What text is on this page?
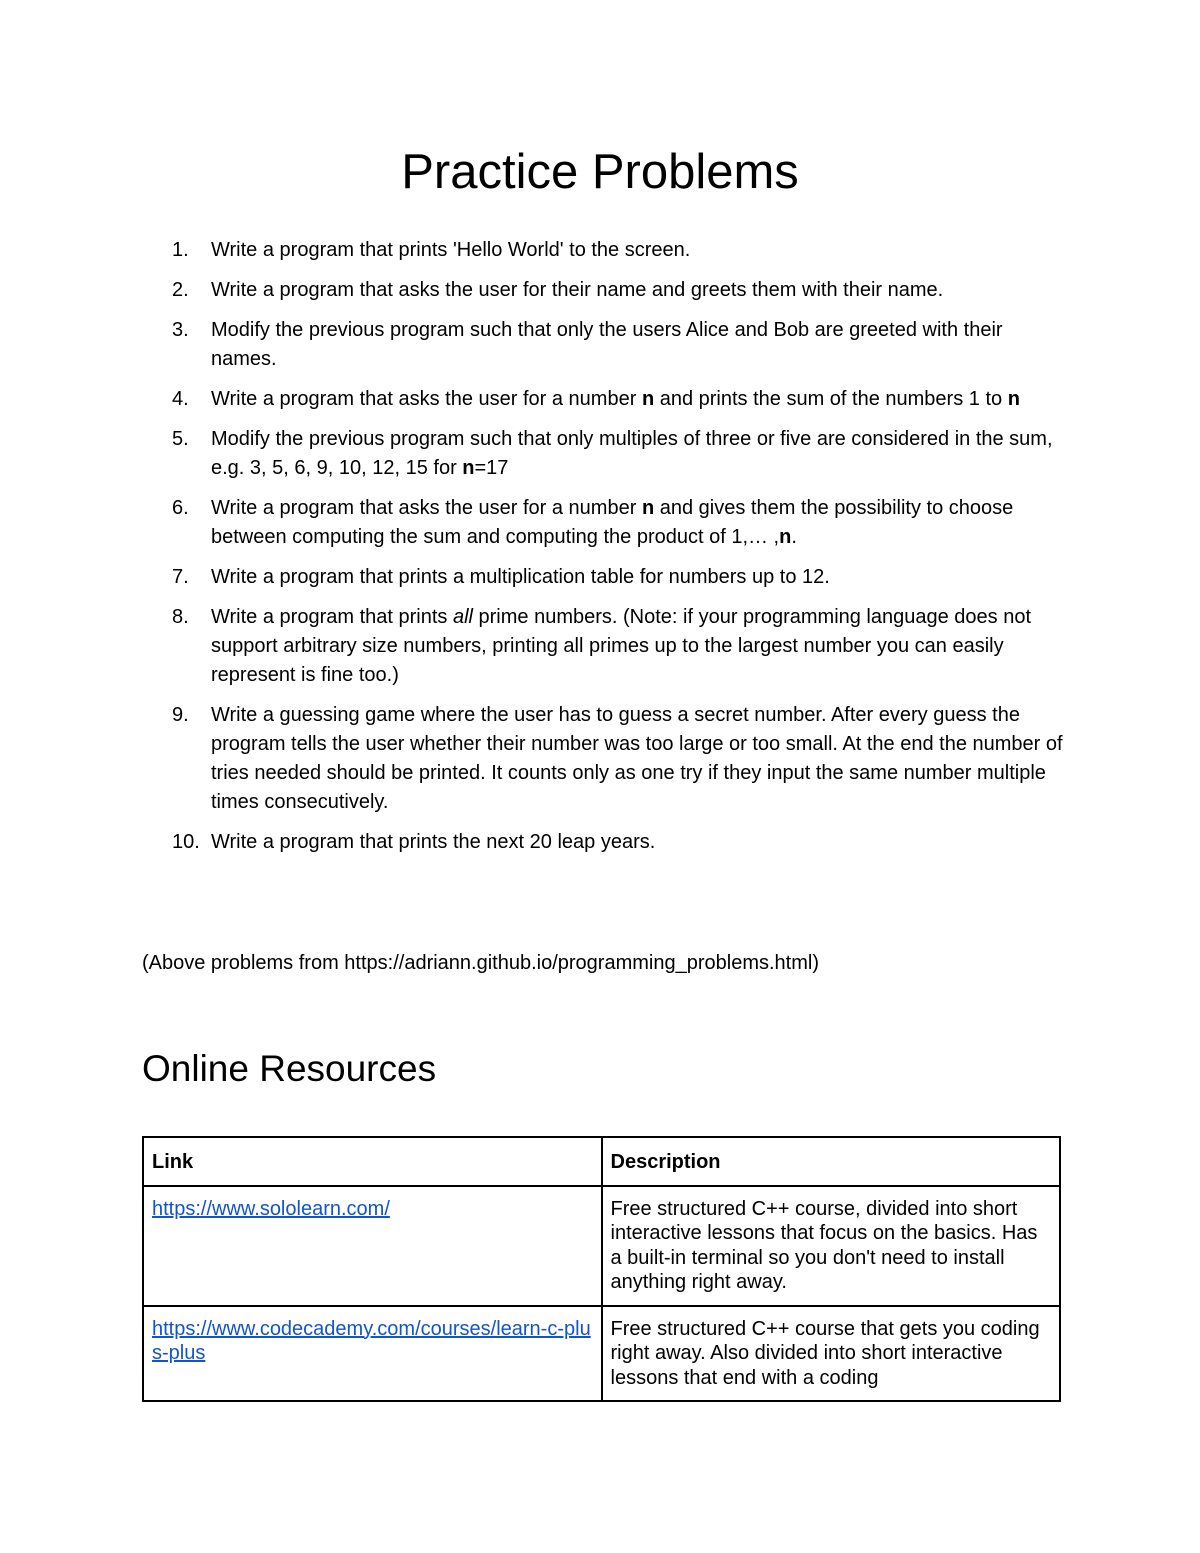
Practice Problems
1.	Write a program that prints 'Hello World' to the screen.
2.	Write a program that asks the user for their name and greets them with their name.
3.	Modify the previous program such that only the users Alice and Bob are greeted with their names.
4.	Write a program that asks the user for a number n and prints the sum of the numbers 1 to n
5.	Modify the previous program such that only multiples of three or five are considered in the sum, e.g. 3, 5, 6, 9, 10, 12, 15 for n=17
6.	Write a program that asks the user for a number n and gives them the possibility to choose between computing the sum and computing the product of 1,… ,n.
7.	Write a program that prints a multiplication table for numbers up to 12.
8.	Write a program that prints all prime numbers. (Note: if your programming language does not support arbitrary size numbers, printing all primes up to the largest number you can easily represent is fine too.)
9.	Write a guessing game where the user has to guess a secret number. After every guess the program tells the user whether their number was too large or too small. At the end the number of tries needed should be printed. It counts only as one try if they input the same number multiple times consecutively.
10. Write a program that prints the next 20 leap years.

(Above problems from https://adriann.github.io/programming_problems.html)

Online Resources
Link	Description
https://www.sololearn.com/	Free structured C++ course, divided into short interactive lessons that focus on the basics. Has a built-in terminal so you don't need to install anything right away.
https://www.codecademy.com/courses/learn-c-plus-plus	Free structured C++ course that gets you coding right away. Also divided into short interactive lessons that end with a coding
